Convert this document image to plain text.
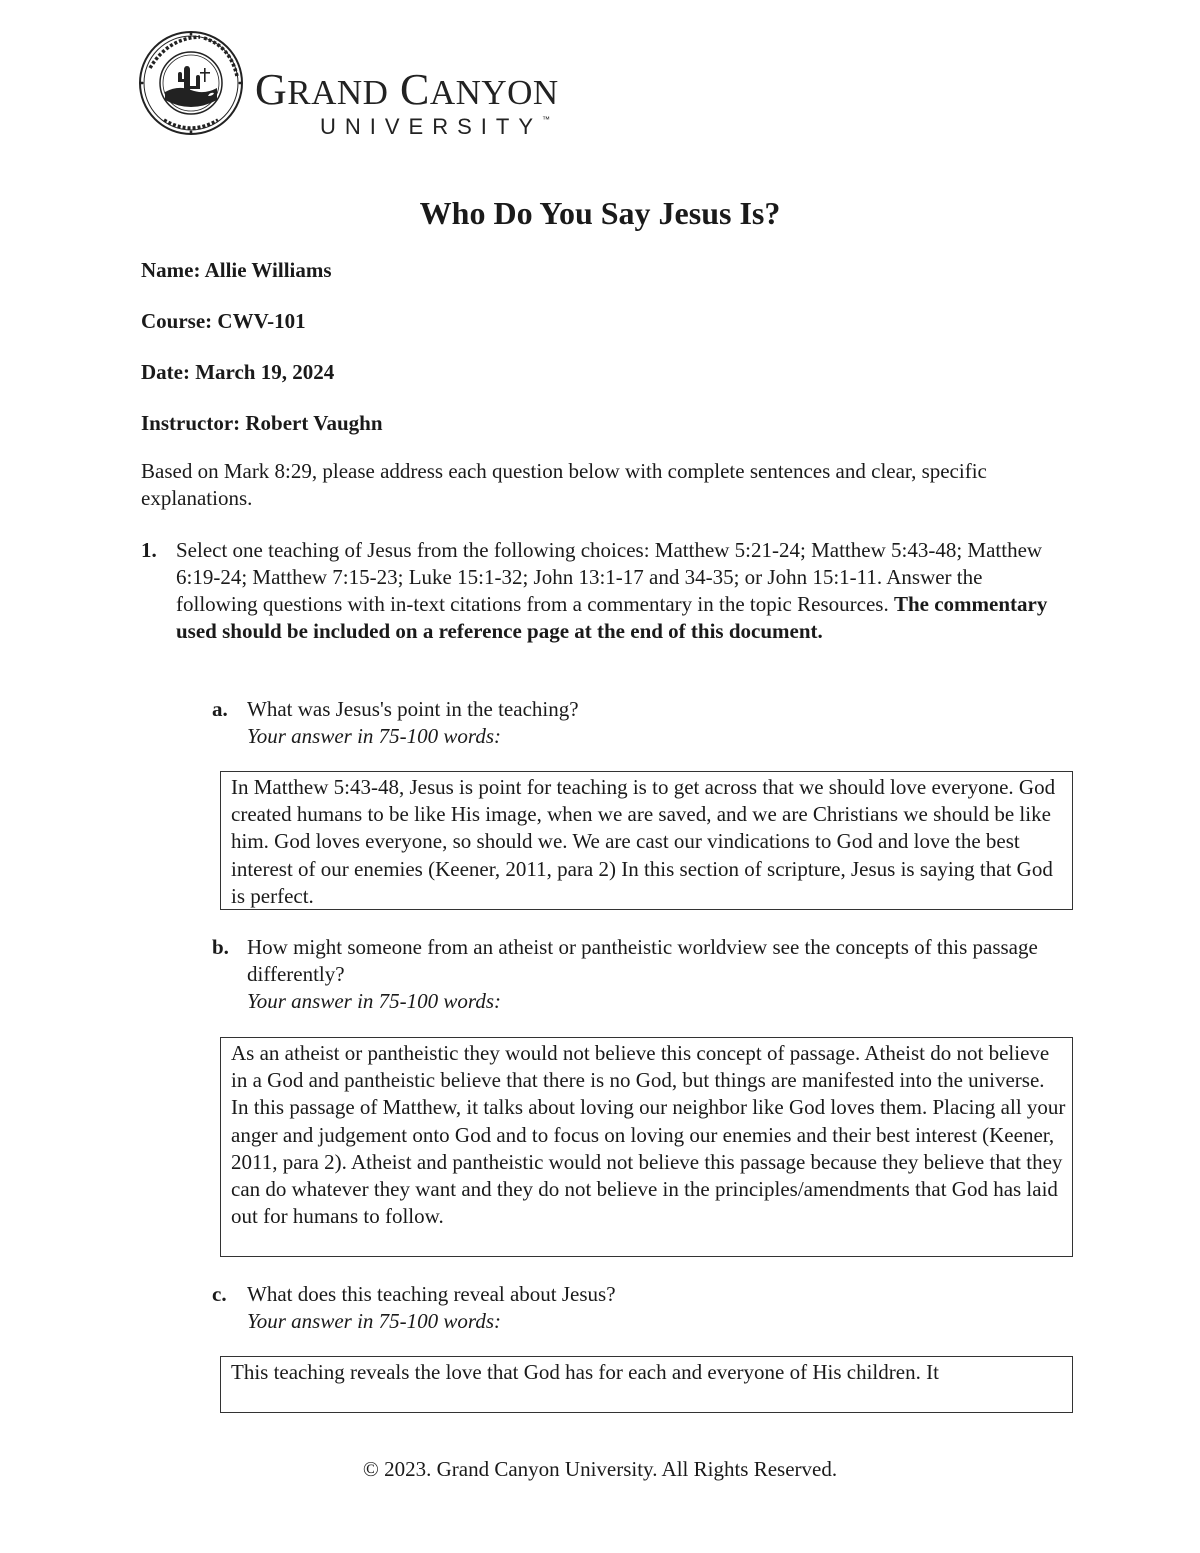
GRAND CANYON
UNIVERSITY™
Who Do You Say Jesus Is?
Name: Allie Williams
Course: CWV-101
Date: March 19, 2024
Instructor: Robert Vaughn
Based on Mark 8:29, please address each question below with complete sentences and clear, specific explanations.
1. Select one teaching of Jesus from the following choices: Matthew 5:21-24; Matthew 5:43-48; Matthew 6:19-24; Matthew 7:15-23; Luke 15:1-32; John 13:1-17 and 34-35; or John 15:1-11. Answer the following questions with in-text citations from a commentary in the topic Resources. The commentary used should be included on a reference page at the end of this document.
a. What was Jesus's point in the teaching?
Your answer in 75-100 words:
In Matthew 5:43-48, Jesus is point for teaching is to get across that we should love everyone. God created humans to be like His image, when we are saved, and we are Christians we should be like him. God loves everyone, so should we. We are cast our vindications to God and love the best interest of our enemies (Keener, 2011, para 2) In this section of scripture, Jesus is saying that God is perfect.
b. How might someone from an atheist or pantheistic worldview see the concepts of this passage differently?
Your answer in 75-100 words:
As an atheist or pantheistic they would not believe this concept of passage. Atheist do not believe in a God and pantheistic believe that there is no God, but things are manifested into the universe. In this passage of Matthew, it talks about loving our neighbor like God loves them. Placing all your anger and judgement onto God and to focus on loving our enemies and their best interest (Keener, 2011, para 2). Atheist and pantheistic would not believe this passage because they believe that they can do whatever they want and they do not believe in the principles/amendments that God has laid out for humans to follow.
c. What does this teaching reveal about Jesus?
Your answer in 75-100 words:
This teaching reveals the love that God has for each and everyone of His children. It
© 2023. Grand Canyon University. All Rights Reserved.
